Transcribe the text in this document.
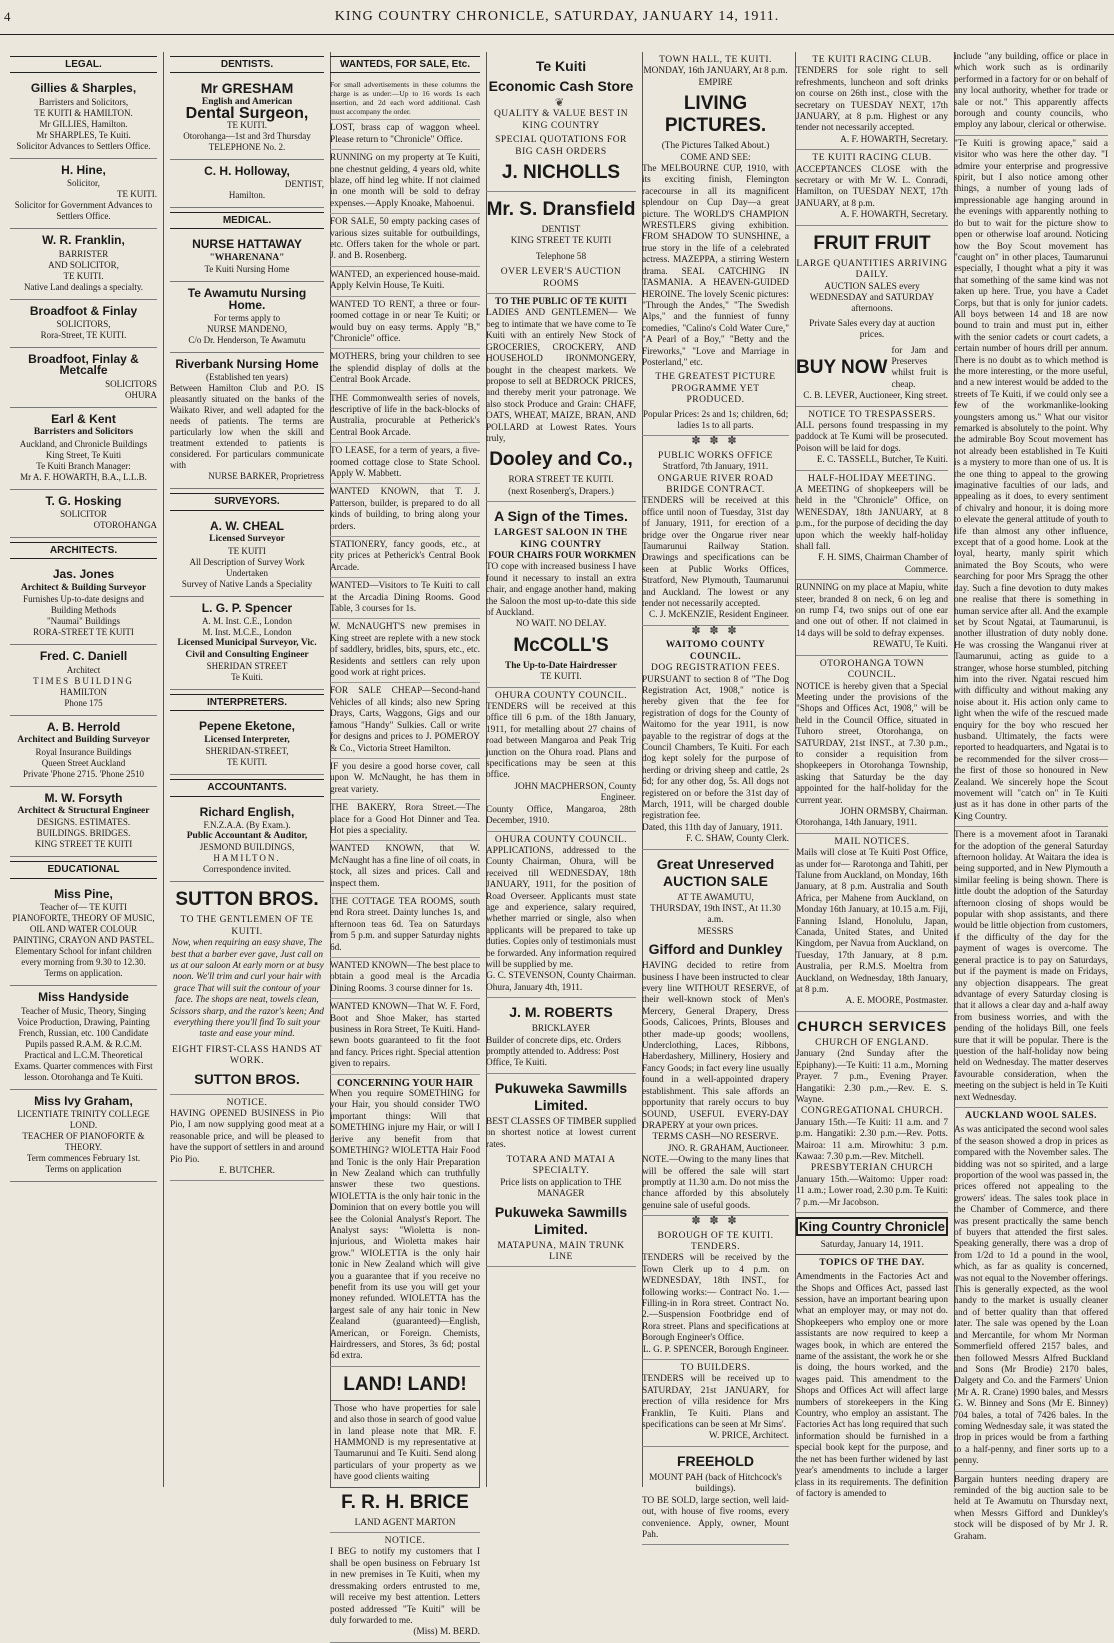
4	KING COUNTRY CHRONICLE, SATURDAY, JANUARY 14, 1911.
LEGAL.
Gillies & Sharples,
Barristers and Solicitors,
TE KUITI & HAMILTON.
Mr GILLIES, Hamilton.
Mr SHARPLES, Te Kuiti.
Solicitor Advances to Settlers Office.
H. Hine,
Solicitor,
TE KUITI.
Solicitor for Government Advances to Settlers Office.
W. R. Franklin,
BARRISTER
AND SOLICITOR,
TE KUITI.
Native Land dealings a specialty.
Broadfoot & Finlay
SOLICITORS,
Rora-Street, TE KUITI.
Broadfoot, Finlay & Metcalfe
SOLICITORS
OHURA
Earl & Kent
Barristers and Solicitors
Auckland, and Chronicle Buildings King Street, Te Kuiti
Te Kuiti Branch Manager:
Mr A. F. HOWARTH, B.A., L.L.B.
T. G. Hosking
SOLICITOR
OTOROHANGA
ARCHITECTS.
Jas. Jones
Architect & Building Surveyor
Furnishes Up-to-date designs and Building Methods
"Naumai" Buildings
RORA-STREET TE KUITI
Fred. C. Daniell
Architect
TIMES BUILDING
HAMILTON
Phone 175
A. B. Herrold
Architect and Building Surveyor
Royal Insurance Buildings
Queen Street Auckland
Private 'Phone 2715. 'Phone 2510
M. W. Forsyth
Architect & Structural Engineer
DESIGNS. ESTIMATES.
BUILDINGS. BRIDGES.
KING STREET TE KUITI
EDUCATIONAL
Miss Pine,
Teacher of— TE KUITI
PIANOFORTE, THEORY OF MUSIC, OIL AND WATER COLOUR PAINTING, CRAYON AND PASTEL.
Elementary School for infant children every morning from 9.30 to 12.30.
Terms on application.
Miss Handyside
Teacher of Music, Theory, Singing Voice Production, Drawing, Painting French, Russian, etc. 100 Candidate Pupils passed R.A.M. & R.C.M. Practical and L.C.M. Theoretical Exams. Quarter commences with First lesson. Otorohanga and Te Kuiti.
Miss Ivy Graham,
LICENTIATE TRINITY COLLEGE LOND.
TEACHER OF PIANOFORTE & THEORY.
Term commences February 1st.
Terms on application
DENTISTS.
Mr GRESHAM
English and American
Dental Surgeon,
TE KUITI.
Otorohanga—1st and 3rd Thursday
TELEPHONE No. 2.
C. H. Holloway,
DENTIST,
Hamilton.
MEDICAL.
NURSE HATTAWAY
"WHARENANA"
Te Kuiti Nursing Home
Te Awamutu Nursing Home.
For terms apply to
NURSE MANDENO,
C/o Dr. Henderson, Te Awamutu
Riverbank Nursing Home
(Established ten years)
Between Hamilton Club and P.O. IS pleasantly situated on the banks of the Waikato River, and well adapted for the needs of patients. The terms are particularly low when the skill and treatment extended to patients is considered. For particulars communicate with
NURSE BARKER, Proprietress
SURVEYORS.
A. W. CHEAL
Licensed Surveyor
TE KUITI
All Description of Survey Work Undertaken
Survey of Native Lands a Speciality
L. G. P. Spencer
A. M. Inst. C.E., London
M. Inst. M.C.E., London
Licensed Municipal Surveyor, Vic. Civil and Consulting Engineer
SHERIDAN STREET
Te Kuiti.
INTERPRETERS.
Pepene Eketone,
Licensed Interpreter,
SHERIDAN-STREET,
TE KUITI.
ACCOUNTANTS.
Richard English,
F.N.Z.A.A. (By Exam.).
Public Accountant & Auditor,
JESMOND BUILDINGS,
HAMILTON.
Correspondence invited.
SUTTON BROS.
TO THE GENTLEMEN OF TE KUITI.
Now, when requiring an easy shave, The best that a barber ever gave, Just call on us at our saloon At early morn or at busy noon. We'll trim and curl your hair with grace That will suit the contour of your face. The shops are neat, towels clean, Scissors sharp, and the razor's keen; And everything there you'll find To suit your taste and ease your mind.
EIGHT FIRST-CLASS HANDS AT WORK.
SUTTON BROS.
NOTICE.
HAVING OPENED BUSINESS in Pio Pio, I am now supplying good meat at a reasonable price, and will be pleased to have the support of settlers in and around Pio Pio.
E. BUTCHER.
WANTEDS, FOR SALE, Etc.
For small advertisements in these columns the charge is as under:—Up to 16 words 1s each insertion, and 2d each word additional. Cash must accompany the order.
LOST, brass cap of waggon wheel. Please return to "Chronicle" Office.
RUNNING on my property at Te Kuiti, one chestnut gelding, 4 years old, white blaze, off hind leg white. If not claimed in one month will be sold to defray expenses.—Apply Knoake, Mahoenui.
FOR SALE, 50 empty packing cases of various sizes suitable for outbuildings, etc. Offers taken for the whole or part. J. and B. Rosenberg.
WANTED, an experienced house-maid. Apply Kelvin House, Te Kuiti.
WANTED TO RENT, a three or four-roomed cottage in or near Te Kuiti; or would buy on easy terms. Apply "B," "Chronicle" office.
MOTHERS, bring your children to see the splendid display of dolls at the Central Book Arcade.
THE Commonwealth series of novels, descriptive of life in the back-blocks of Australia, procurable at Petherick's Central Book Arcade.
TO LEASE, for a term of years, a five-roomed cottage close to State School. Apply W. Mabbett.
WANTED KNOWN, that T. J. Patterson, builder, is prepared to do all kinds of building, to bring along your orders.
STATIONERY, fancy goods, etc., at city prices at Petherick's Central Book Arcade.
WANTED—Visitors to Te Kuiti to call at the Arcadia Dining Rooms. Good Table, 3 courses for 1s.
W. McNAUGHT'S new premises in King street are replete with a new stock of saddlery, bridles, bits, spurs, etc., etc. Residents and settlers can rely upon good work at right prices.
FOR SALE CHEAP—Second-hand Vehicles of all kinds; also new Spring Drays, Carts, Waggons, Gigs and our famous "Handy" Sulkies. Call or write for designs and prices to J. POMEROY & Co., Victoria Street Hamilton.
IF you desire a good horse cover, call upon W. McNaught, he has them in great variety.
THE BAKERY, Rora Street.—The place for a Good Hot Dinner and Tea. Hot pies a speciality.
WANTED KNOWN, that W. McNaught has a fine line of oil coats, in stock, all sizes and prices. Call and inspect them.
THE COTTAGE TEA ROOMS, south end Rora street. Dainty lunches 1s, and afternoon teas 6d. Tea on Saturdays from 5 p.m. and supper Saturday nights 6d.
WANTED KNOWN—The best place to obtain a good meal is the Arcadia Dining Rooms. 3 course dinner for 1s.
WANTED KNOWN—That W. F. Ford, Boot and Shoe Maker, has started business in Rora Street, Te Kuiti. Hand-sewn boots guaranteed to fit the foot and fancy. Prices right. Special attention given to repairs.
CONCERNING YOUR HAIR
When you require SOMETHING for your Hair, you should consider TWO important things: Will that SOMETHING injure my Hair, or will I derive any benefit from that SOMETHING? WIOLETTA Hair Food and Tonic is the only Hair Preparation in New Zealand which can truthfully answer these two questions. WIOLETTA is the only hair tonic in the Dominion that on every bottle you will see the Colonial Analyst's Report. The Analyst says: "Wioletta is non-injurious, and Wioletta makes hair grow." WIOLETTA is the only hair tonic in New Zealand which will give you a guarantee that if you receive no benefit from its use you will get your money refunded. WIOLETTA has the largest sale of any hair tonic in New Zealand (guaranteed)—English, American, or Foreign. Chemists, Hairdressers, and Stores, 3s 6d; postal 6d extra.
LAND! LAND!
Those who have properties for sale and also those in search of good value in land please note that MR. F. HAMMOND is my representative at Taumarunui and Te Kuiti. Send along particulars of your property as we have good clients waiting
F. R. H. BRICE
LAND AGENT MARTON
NOTICE.
I BEG to notify my customers that I shall be open business on February 1st in new premises in Te Kuiti, when my dressmaking orders entrusted to me, will receive my best attention. Letters posted addressed "Te Kuiti" will be duly forwarded to me.
(Miss) M. BERD.
Te Kuiti
Economic Cash Store
❦
QUALITY & VALUE BEST IN KING COUNTRY
SPECIAL QUOTATIONS FOR BIG CASH ORDERS
J. NICHOLLS
Mr. S. Dransfield
DENTIST
KING STREET TE KUITI
Telephone 58
OVER LEVER'S AUCTION ROOMS
TO THE PUBLIC OF TE KUITI
LADIES AND GENTLEMEN— We beg to intimate that we have come to Te Kuiti with an entirely New Stock of GROCERIES, CROCKERY, AND HOUSEHOLD IRONMONGERY, bought in the cheapest markets. We propose to sell at BEDROCK PRICES, and thereby merit your patronage. We also stock Produce and Grain: CHAFF, OATS, WHEAT, MAIZE, BRAN, AND POLLARD at Lowest Rates. Yours truly,
Dooley and Co.,
RORA STREET TE KUITI.
(next Rosenberg's, Drapers.)
A Sign of the Times.
LARGEST SALOON IN THE KING COUNTRY
FOUR CHAIRS FOUR WORKMEN
TO cope with increased business I have found it necessary to install an extra chair, and engage another hand, making the Saloon the most up-to-date this side of Auckland.
NO WAIT. NO DELAY.
McCOLL'S
The Up-to-Date Hairdresser
TE KUITI.
OHURA COUNTY COUNCIL.
TENDERS will be received at this office till 6 p.m. of the 18th January, 1911, for metalling about 27 chains of road between Mangaroa and Peak Trig junction on the Ohura road. Plans and specifications may be seen at this office.
JOHN MACPHERSON, County Engineer.
County Office, Mangaroa, 28th December, 1910.
OHURA COUNTY COUNCIL.
APPLICATIONS, addressed to the County Chairman, Ohura, will be received till WEDNESDAY, 18th JANUARY, 1911, for the position of Road Overseer. Applicants must state age and experience, salary required, whether married or single, also when applicants will be prepared to take up duties. Copies only of testimonials must be forwarded. Any information required will be supplied by me.
G. C. STEVENSON, County Chairman.
Ohura, January 4th, 1911.
J. M. ROBERTS
BRICKLAYER
Builder of concrete dips, etc. Orders promptly attended to. Address: Post Office, Te Kuiti.
Pukuweka Sawmills Limited.
BEST CLASSES OF TIMBER supplied on shortest notice at lowest current rates.
TOTARA AND MATAI A SPECIALTY.
Price lists on application to THE MANAGER
Pukuweka Sawmills Limited.
MATAPUNA, MAIN TRUNK LINE
TOWN HALL, TE KUITI.
MONDAY, 16th JANUARY, At 8 p.m.
EMPIRE
LIVING PICTURES.
(The Pictures Talked About.)
COME AND SEE:
The MELBOURNE CUP, 1910, with its exciting finish, Flemington racecourse in all its magnificent splendour on Cup Day—a great picture. The WORLD'S CHAMPION WRESTLERS giving exhibition. FROM SHADOW TO SUNSHINE, a true story in the life of a celebrated actress. MAZEPPA, a stirring Western drama. SEAL CATCHING IN TASMANIA. A HEAVEN-GUIDED HEROINE. The lovely Scenic pictures: "Through the Andes," "The Swedish Alps," and the funniest of funny comedies, "Calino's Cold Water Cure," "A Pearl of a Boy," "Betty and the Fireworks," "Love and Marriage in Posterland," etc.
THE GREATEST PICTURE PROGRAMME YET PRODUCED.
Popular Prices: 2s and 1s; children, 6d; ladies 1s to all parts.
✽ ✽ ✽
PUBLIC WORKS OFFICE
Stratford, 7th January, 1911.
ONGARUE RIVER ROAD BRIDGE CONTRACT.
TENDERS will be received at this office until noon of Tuesday, 31st day of January, 1911, for erection of a bridge over the Ongarue river near Taumarunui Railway Station. Drawings and specifications can be seen at Public Works Offices, Stratford, New Plymouth, Taumarunui and Auckland. The lowest or any tender not necessarily accepted.
C. J. McKENZIE, Resident Engineer.
✽ ✽ ✽
WAITOMO COUNTY COUNCIL.
DOG REGISTRATION FEES.
PURSUANT to section 8 of "The Dog Registration Act, 1908," notice is hereby given that the fee for registration of dogs for the County of Waitomo for the year 1911, is now payable to the registrar of dogs at the Council Chambers, Te Kuiti. For each dog kept solely for the purpose of herding or driving sheep and cattle, 2s 6d; for any other dog, 5s. All dogs not registered on or before the 31st day of March, 1911, will be charged double registration fee.
Dated, this 11th day of January, 1911.
F. C. SHAW, County Clerk.
Great Unreserved AUCTION SALE
AT TE AWAMUTU,
THURSDAY, 19th INST., At 11.30 a.m.
MESSRS
Gifford and Dunkley
HAVING decided to retire from business I have been instructed to clear every line WITHOUT RESERVE, of their well-known stock of Men's Mercery, General Drapery, Dress Goods, Calicoes, Prints, Blouses and other made-up goods; woollens, Underclothing, Laces, Ribbons, Haberdashery, Millinery, Hosiery and Fancy Goods; in fact every line usually found in a well-appointed drapery establishment. This sale affords an opportunity that rarely occurs to buy SOUND, USEFUL EVERY-DAY DRAPERY at your own prices.
TERMS CASH—NO RESERVE.
JNO. R. GRAHAM, Auctioneer.
NOTE.—Owing to the many lines that will be offered the sale will start promptly at 11.30 a.m. Do not miss the chance afforded by this absolutely genuine sale of useful goods.
✽ ✽ ✽
BOROUGH OF TE KUITI.
TENDERS.
TENDERS will be received by the Town Clerk up to 4 p.m. on WEDNESDAY, 18th INST., for following works:— Contract No. 1.—Filling-in in Rora street. Contract No. 2.—Suspension Footbridge end of Rora street. Plans and specifications at Borough Engineer's Office.
L. G. P. SPENCER, Borough Engineer.
TO BUILDERS.
TENDERS will be received up to SATURDAY, 21st JANUARY, for erection of villa residence for Mrs Franklin, Te Kuiti. Plans and specifications can be seen at Mr Sims'.
W. PRICE, Architect.
FREEHOLD
MOUNT PAH (back of Hitchcock's buildings).
TO BE SOLD, large section, well laid-out, with house of five rooms, every convenience. Apply, owner, Mount Pah.
TE KUITI RACING CLUB.
TENDERS for sole right to sell refreshments, luncheon and soft drinks on course on 26th inst., close with the secretary on TUESDAY NEXT, 17th JANUARY, at 8 p.m. Highest or any tender not necessarily accepted.
A. F. HOWARTH, Secretary.
TE KUITI RACING CLUB.
ACCEPTANCES CLOSE with the secretary or with Mr W. L. Conradi, Hamilton, on TUESDAY NEXT, 17th JANUARY, at 8 p.m.
A. F. HOWARTH, Secretary.
FRUIT FRUIT
LARGE QUANTITIES ARRIVING DAILY.
AUCTION SALES every WEDNESDAY and SATURDAY afternoons.
Private Sales every day at auction prices.
BUY NOW
for Jam and Preserves whilst fruit is cheap.
C. B. LEVER, Auctioneer, King street.
NOTICE TO TRESPASSERS.
ALL persons found trespassing in my paddock at Te Kumi will be prosecuted. Poison will be laid for dogs.
E. C. TASSELL, Butcher, Te Kuiti.
HALF-HOLIDAY MEETING.
A MEETING of shopkeepers will be held in the "Chronicle" Office, on WENESDAY, 18th JANUARY, at 8 p.m., for the purpose of deciding the day upon which the weekly half-holiday shall fall.
F. H. SIMS, Chairman Chamber of Commerce.
RUNNING on my place at Mapiu, white steer, branded 8 on neck, 6 on leg and on rump Γ4, two snips out of one ear and one out of other. If not claimed in 14 days will be sold to defray expenses.
REWATU, Te Kuiti.
OTOROHANGA TOWN COUNCIL.
NOTICE is hereby given that a Special Meeting under the provisions of the "Shops and Offices Act, 1908," will be held in the Council Office, situated in Tuhoro street, Otorohanga, on SATURDAY, 21st INST., at 7.30 p.m., to consider a requisition from shopkeepers in Otorohanga Township, asking that Saturday be the day appointed for the half-holiday for the current year.
JOHN ORMSBY, Chairman.
Otorohanga, 14th January, 1911.
MAIL NOTICES.
Mails will close at Te Kuiti Post Office, as under for— Rarotonga and Tahiti, per Talune from Auckland, on Monday, 16th January, at 8 p.m. Australia and South Africa, per Mahene from Auckland, on Monday 16th January, at 10.15 a.m. Fiji, Fanning Island, Honolulu, Japan, Canada, United States, and United Kingdom, per Navua from Auckland, on Tuesday, 17th January, at 8 p.m. Australia, per R.M.S. Moeltra from Auckland, on Wednesday, 18th January, at 8 p.m.
A. E. MOORE, Postmaster.
CHURCH SERVICES
CHURCH OF ENGLAND.
January (2nd Sunday after the Epiphany).—Te Kuiti: 11 a.m., Morning Prayer. 7 p.m., Evening Prayer. Hangatiki: 2.30 p.m.,—Rev. E. S. Wayne.
CONGREGATIONAL CHURCH.
January 15th.—Te Kuiti: 11 a.m. and 7 p.m. Hangatiki: 2.30 p.m.—Rev. Potts. Mairoa: 11 a.m. Mirowhitu: 3 p.m. Kawaa: 7.30 p.m.—Rev. Mitchell.
PRESBYTERIAN CHURCH
January 15th.—Waitomo: Upper road: 11 a.m.; Lower road, 2.30 p.m. Te Kuiti: 7 p.m.—Mr Jacobson.
King Country Chronicle
Saturday, January 14, 1911.
TOPICS OF THE DAY.
Amendments in the Factories Act and the Shops and Offices Act, passed last session, have an important bearing upon what an employer may, or may not do. Shopkeepers who employ one or more assistants are now required to keep a wages book, in which are entered the name of the assistant, the work he or she is doing, the hours worked, and the wages paid. This amendment to the Shops and Offices Act will affect large numbers of storekeepers in the King Country, who employ an assistant. The Factories Act has long required that such information should be furnished in a special book kept for the purpose, and the net has been further widened by last year's amendments to include a larger class in its requirements. The definition of factory is amended to
include "any building, office or place in which work such as is ordinarily performed in a factory for or on behalf of any local authority, whether for trade or sale or not." This apparently affects borough and county councils, who employ any labour, clerical or otherwise.
"Te Kuiti is growing apace," said a visitor who was here the other day. "I admire your enterprise and progressive spirit, but I also notice among other things, a number of young lads of impressionable age hanging around in the evenings with apparently nothing to do but to wait for the picture show to open or otherwise loaf around. Noticing how the Boy Scout movement has "caught on" in other places, Taumarunui especially, I thought what a pity it was that something of the same kind was not taken up here. True, you have a Cadet Corps, but that is only for junior cadets. All boys between 14 and 18 are now bound to train and must put in, either with the senior cadets or court cadets, a certain number of hours drill per annum. There is no doubt as to which method is the more interesting, or the more useful, and a new interest would be added to the streets of Te Kuiti, if we could only see a few of the workmanlike-looking youngsters among us." What our visitor remarked is absolutely to the point. Why the admirable Boy Scout movement has not already been established in Te Kuiti is a mystery to more than one of us. It is the one thing to appeal to the growing imaginative faculties of our lads, and appealing as it does, to every sentiment of chivalry and honour, it is doing more to elevate the general attitude of youth to life than almost any other influence, except that of a good home. Look at the loyal, hearty, manly spirit which animated the Boy Scouts, who were searching for poor Mrs Spragg the other day. Such a fine devotion to duty makes one realise that there is something in human service after all. And the example set by Scout Ngatai, at Taumarunui, is another illustration of duty nobly done. He was crossing the Wanganui river at Taumarunui, acting as guide to a stranger, whose horse stumbled, pitching him into the river. Ngatai rescued him with difficulty and without making any noise about it. His action only came to light when the wife of the rescued made enquiry for the boy who rescued her husband. Ultimately, the facts were reported to headquarters, and Ngatai is to be recommended for the silver cross—the first of those so honoured in New Zealand. We sincerely hope the Scout movement will "catch on" in Te Kuiti just as it has done in other parts of the King Country.
There is a movement afoot in Taranaki for the adoption of the general Saturday afternoon holiday. At Waitara the idea is being supported, and in New Plymouth a similar feeling is being shown. There is little doubt the adoption of the Saturday afternoon closing of shops would be popular with shop assistants, and there would be little objection from customers, if the difficulty of the day for the payment of wages is overcome. The general practice is to pay on Saturdays, but if the payment is made on Fridays, any objection disappears. The great advantage of every Saturday closing is that it allows a clear day and a-half away from business worries, and with the pending of the holidays Bill, one feels sure that it will be popular. There is the question of the half-holiday now being held on Wednesday. The matter deserves favourable consideration, when the meeting on the subject is held in Te Kuiti next Wednesday.
AUCKLAND WOOL SALES.
As was anticipated the second wool sales of the season showed a drop in prices as compared with the November sales. The bidding was not so spirited, and a large proportion of the wool was passed in, the prices offered not appealing to the growers' ideas. The sales took place in the Chamber of Commerce, and there was present practically the same bench of buyers that attended the first sales. Speaking generally, there was a drop of from 1/2d to 1d a pound in the wool, which, as far as quality is concerned, was not equal to the November offerings. This is generally expected, as the wool handy to the market is usually cleaner and of better quality than that offered later. The sale was opened by the Loan and Mercantile, for whom Mr Norman Sommerfield offered 2157 bales, and then followed Messrs Alfred Buckland and Sons (Mr Brodie) 2170 bales, Dalgety and Co. and the Farmers' Union (Mr A. R. Crane) 1990 bales, and Messrs G. W. Binney and Sons (Mr E. Binney) 704 bales, a total of 7426 bales. In the coming Wednesday sale, it was stated the drop in prices would be from a farthing to a half-penny, and finer sorts up to a penny.
Bargain hunters needing drapery are reminded of the big auction sale to be held at Te Awamutu on Thursday next, when Messrs Gifford and Dunkley's stock will be disposed of by Mr J. R. Graham.
